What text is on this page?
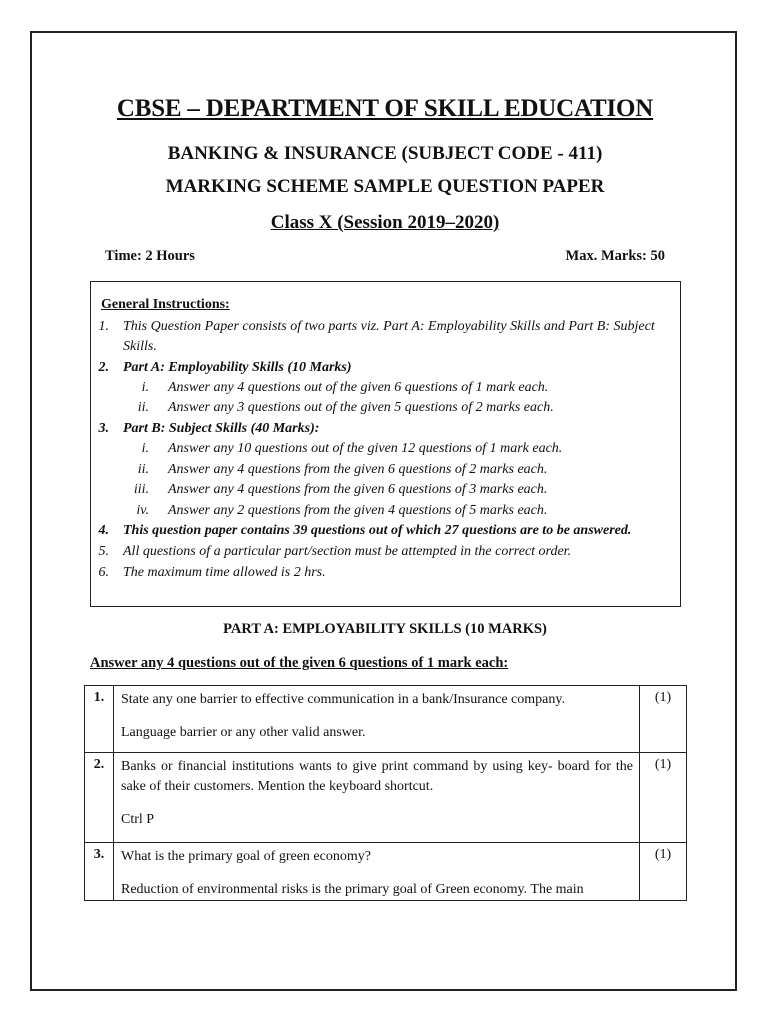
CBSE – DEPARTMENT OF SKILL EDUCATION
BANKING & INSURANCE (SUBJECT CODE - 411)
MARKING SCHEME SAMPLE QUESTION PAPER
Class X (Session 2019–2020)
Time: 2 Hours	Max. Marks: 50
General Instructions:
1. This Question Paper consists of two parts viz. Part A: Employability Skills and Part B: Subject
Skills.
2. Part A: Employability Skills (10 Marks)
i. Answer any 4 questions out of the given 6 questions of 1 mark each.
ii. Answer any 3 questions out of the given 5 questions of 2 marks each.
3. Part B: Subject Skills (40 Marks):
i. Answer any 10 questions out of the given 12 questions of 1 mark each.
ii. Answer any 4 questions from the given 6 questions of 2 marks each.
iii. Answer any 4 questions from the given 6 questions of 3 marks each.
iv. Answer any 2 questions from the given 4 questions of 5 marks each.
4. This question paper contains 39 questions out of which 27 questions are to be answered.
5. All questions of a particular part/section must be attempted in the correct order.
6. The maximum time allowed is 2 hrs.
PART A: EMPLOYABILITY SKILLS (10 MARKS)
Answer any 4 questions out of the given 6 questions of 1 mark each:
1.	State any one barrier to effective communication in a bank/Insurance company.
Language barrier or any other valid answer.	(1)
2.	Banks or financial institutions wants to give print command by using key- board for the sake of their customers. Mention the keyboard shortcut.
Ctrl P	(1)
3.	What is the primary goal of green economy?
Reduction of environmental risks is the primary goal of Green economy. The main	(1)
